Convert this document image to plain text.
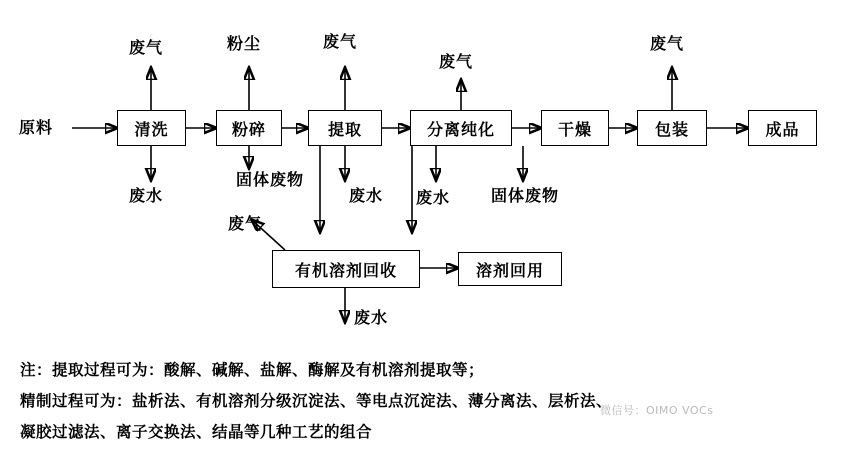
清洗	粉碎	提取	分离纯化	干燥	包装	成品
有机溶剂回收	溶剂回用
原料
废气	粉尘	废气
废气
废气
废水
固体废物
废水 废水	固体废物
废气
废水
注：提取过程可为：酸解、碱解、盐解、酶解及有机溶剂提取等；
精制过程可为：盐析法、有机溶剂分级沉淀法、等电点沉淀法、薄分离法、层析法、
凝胶过滤法、离子交换法、结晶等几种工艺的组合
微信号：OIMO VOCs
